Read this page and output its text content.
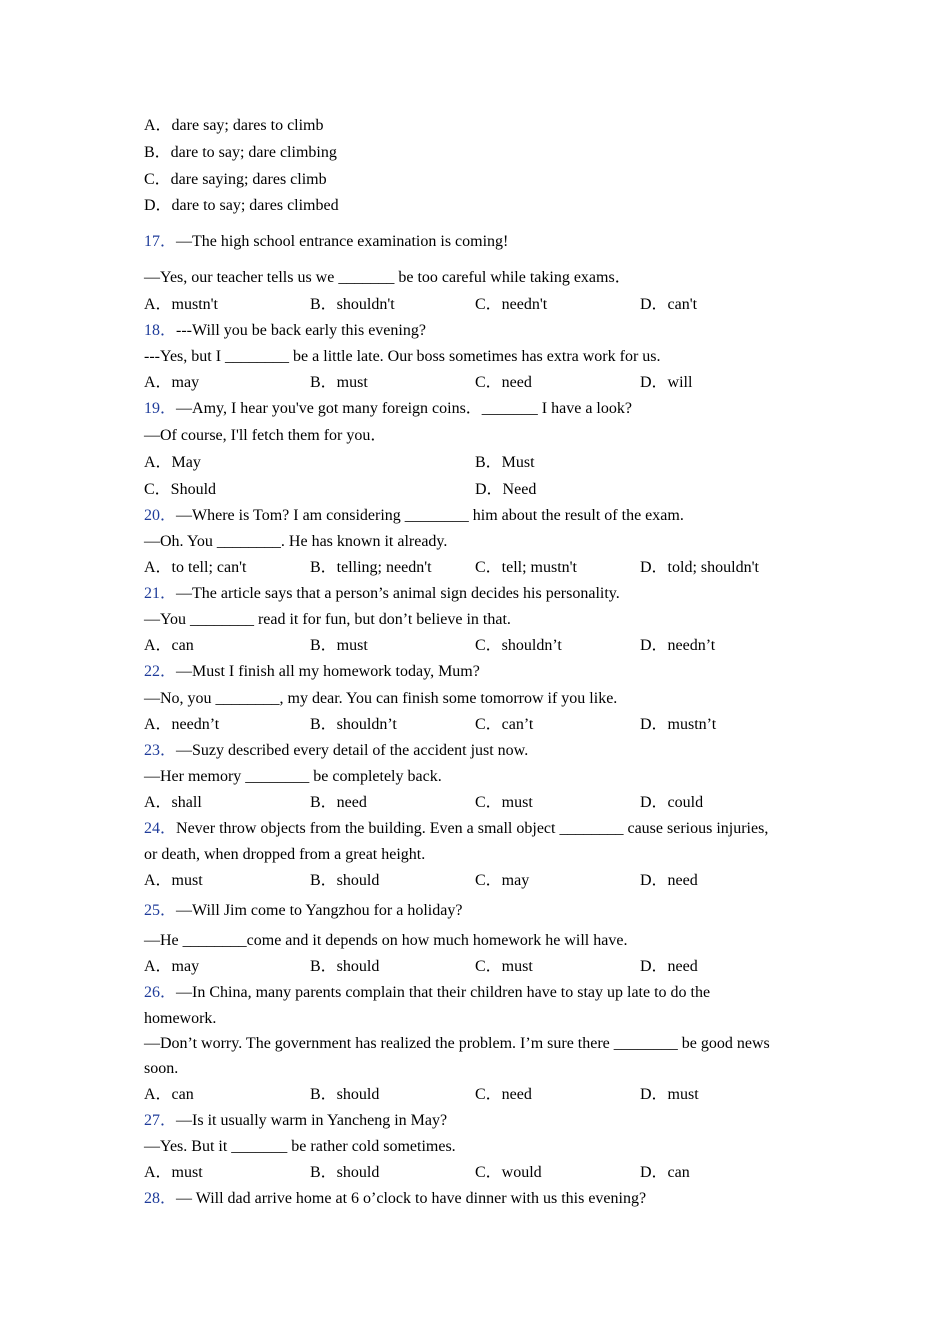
A．dare say; dares to climb
B．dare to say; dare climbing
C．dare saying; dares climb
D．dare to say; dares climbed
17．—The high school entrance examination is coming!
—Yes, our teacher tells us we _______ be too careful while taking exams．
A．mustn't	B．shouldn't	C．needn't	D．can't
18．---Will you be back early this evening?
---Yes, but I ________ be a little late. Our boss sometimes has extra work for us.
A．may	B．must	C．need	D．will
19．—Amy, I hear you've got many foreign coins．_______ I have a look?
—Of course, I'll fetch them for you．
A．May	B．Must
C．Should	D．Need
20．—Where is Tom? I am considering ________ him about the result of the exam.
—Oh. You ________. He has known it already.
A．to tell; can't	B．telling; needn't	C．tell; mustn't	D．told; shouldn't
21．—The article says that a person’s animal sign decides his personality.
—You ________ read it for fun, but don’t believe in that.
A．can	B．must	C．shouldn’t	D．needn’t
22．—Must I finish all my homework today, Mum?
—No, you ________, my dear. You can finish some tomorrow if you like.
A．needn’t	B．shouldn’t	C．can’t	D．mustn’t
23．—Suzy described every detail of the accident just now.
—Her memory ________ be completely back.
A．shall	B．need	C．must	D．could
24．Never throw objects from the building. Even a small object ________ cause serious injuries,
or death, when dropped from a great height.
A．must	B．should	C．may	D．need
25．—Will Jim come to Yangzhou for a holiday?
—He ________come and it depends on how much homework he will have.
A．may	B．should	C．must	D．need
26．—In China, many parents complain that their children have to stay up late to do the
homework.
—Don’t worry. The government has realized the problem. I’m sure there ________ be good news
soon.
A．can	B．should	C．need	D．must
27．—Is it usually warm in Yancheng in May?
—Yes. But it _______ be rather cold sometimes.
A．must	B．should	C．would	D．can
28．— Will dad arrive home at 6 o’clock to have dinner with us this evening?
